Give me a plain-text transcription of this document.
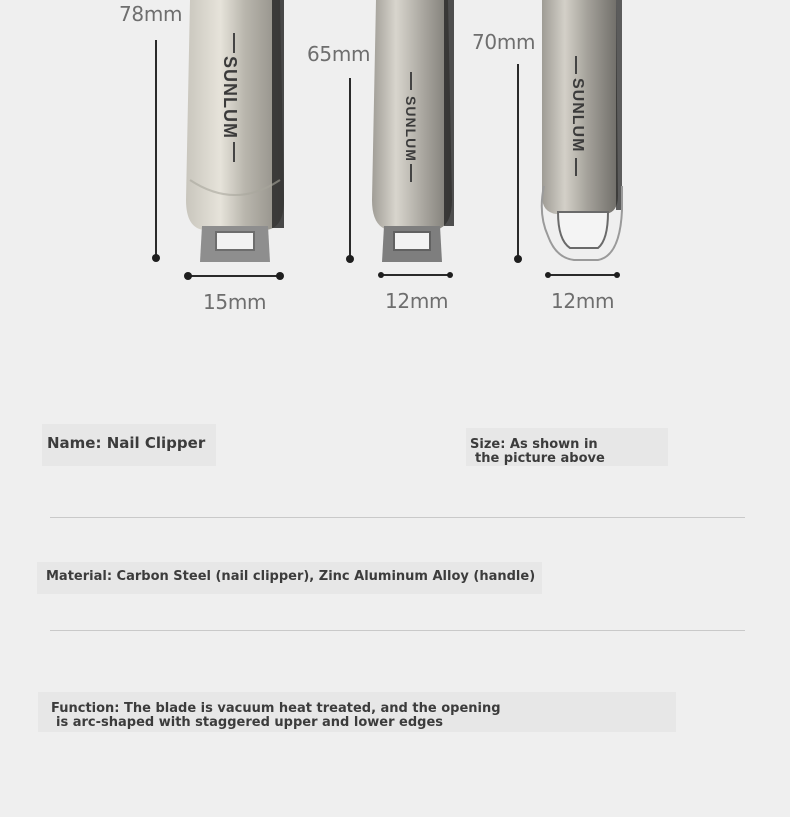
SUNLUM	SUNLUM	SUNLUM
78mm
15mm
65mm
12mm
70mm
12mm
Name: Nail Clipper	Size: As shown in
the picture above
Material: Carbon Steel (nail clipper), Zinc Aluminum Alloy (handle)
Function: The blade is vacuum heat treated, and the opening
is arc-shaped with staggered upper and lower edges
